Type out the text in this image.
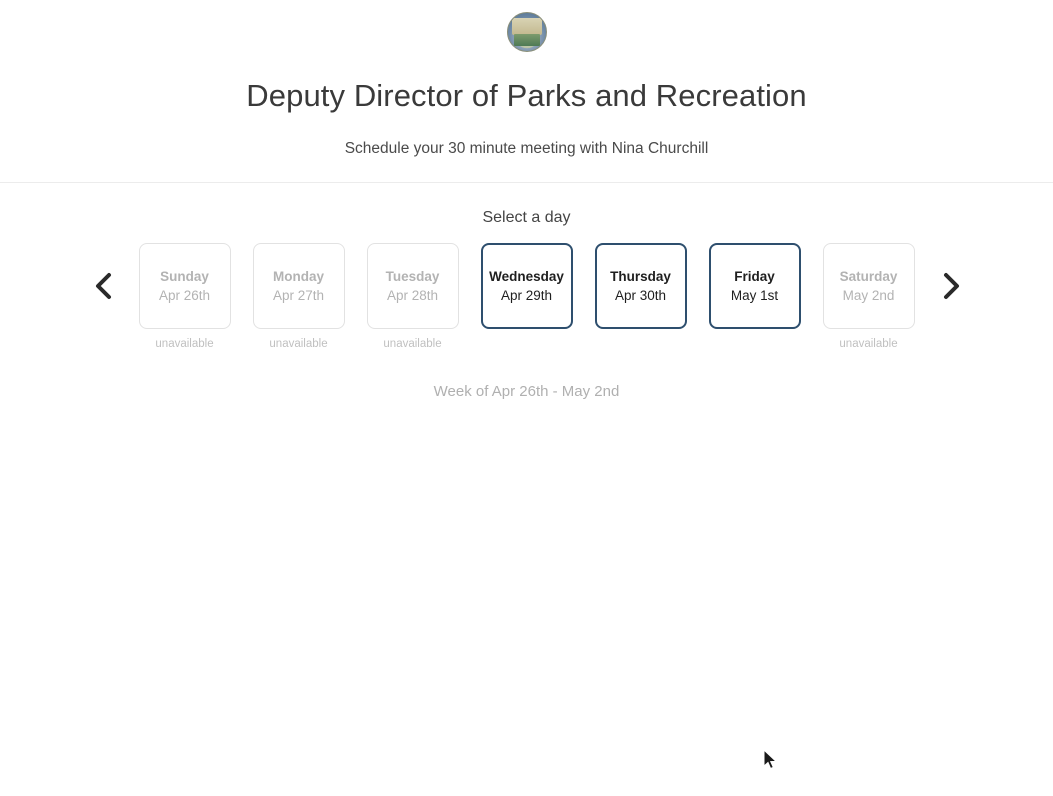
Deputy Director of Parks and Recreation

Schedule your 30 minute meeting with Nina Churchill

Select a day
Sunday
Apr 26th
unavailable
Monday
Apr 27th
unavailable
Tuesday
Apr 28th
unavailable
Wednesday
Apr 29th
Thursday
Apr 30th
Friday
May 1st
Saturday
May 2nd
unavailable
Week of Apr 26th - May 2nd
